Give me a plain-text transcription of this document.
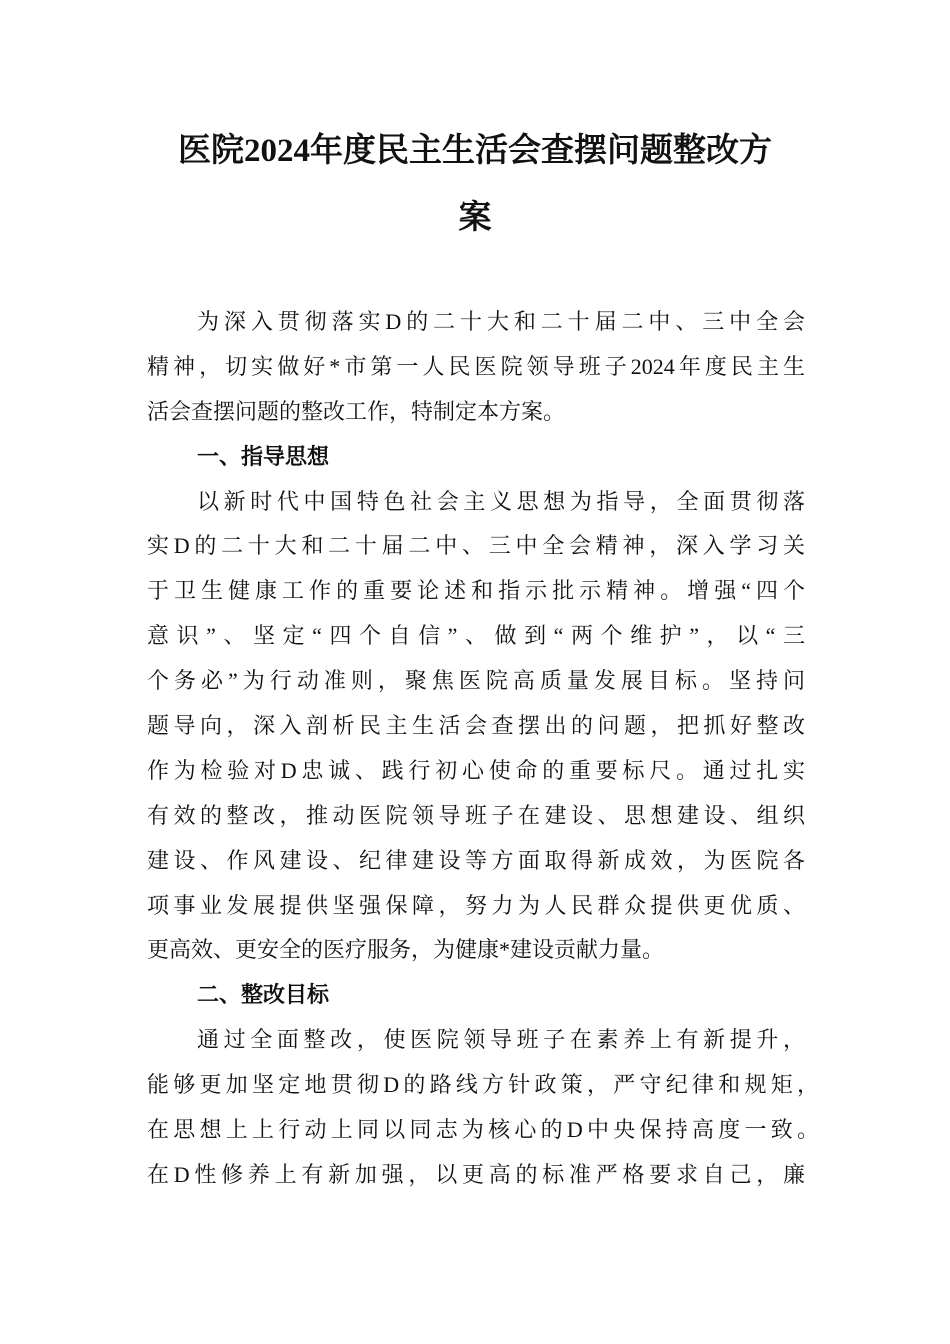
医院2024年度民主生活会查摆问题整改方
案
为深入贯彻落实D的二十大和二十届二中、三中全会
精神，切实做好*市第一人民医院领导班子2024年度民主生
活会查摆问题的整改工作，特制定本方案。
一、指导思想
以新时代中国特色社会主义思想为指导，全面贯彻落
实D的二十大和二十届二中、三中全会精神，深入学习关
于卫生健康工作的重要论述和指示批示精神。增强“四个
意识”、坚定“四个自信”、做到“两个维护”，以“三
个务必”为行动准则，聚焦医院高质量发展目标。坚持问
题导向，深入剖析民主生活会查摆出的问题，把抓好整改
作为检验对D忠诚、践行初心使命的重要标尺。通过扎实
有效的整改，推动医院领导班子在建设、思想建设、组织
建设、作风建设、纪律建设等方面取得新成效，为医院各
项事业发展提供坚强保障，努力为人民群众提供更优质、
更高效、更安全的医疗服务，为健康*建设贡献力量。
二、整改目标
通过全面整改，使医院领导班子在素养上有新提升，
能够更加坚定地贯彻D的路线方针政策，严守纪律和规矩，
在思想上上行动上同以同志为核心的D中央保持高度一致。
在D性修养上有新加强，以更高的标准严格要求自己，廉
